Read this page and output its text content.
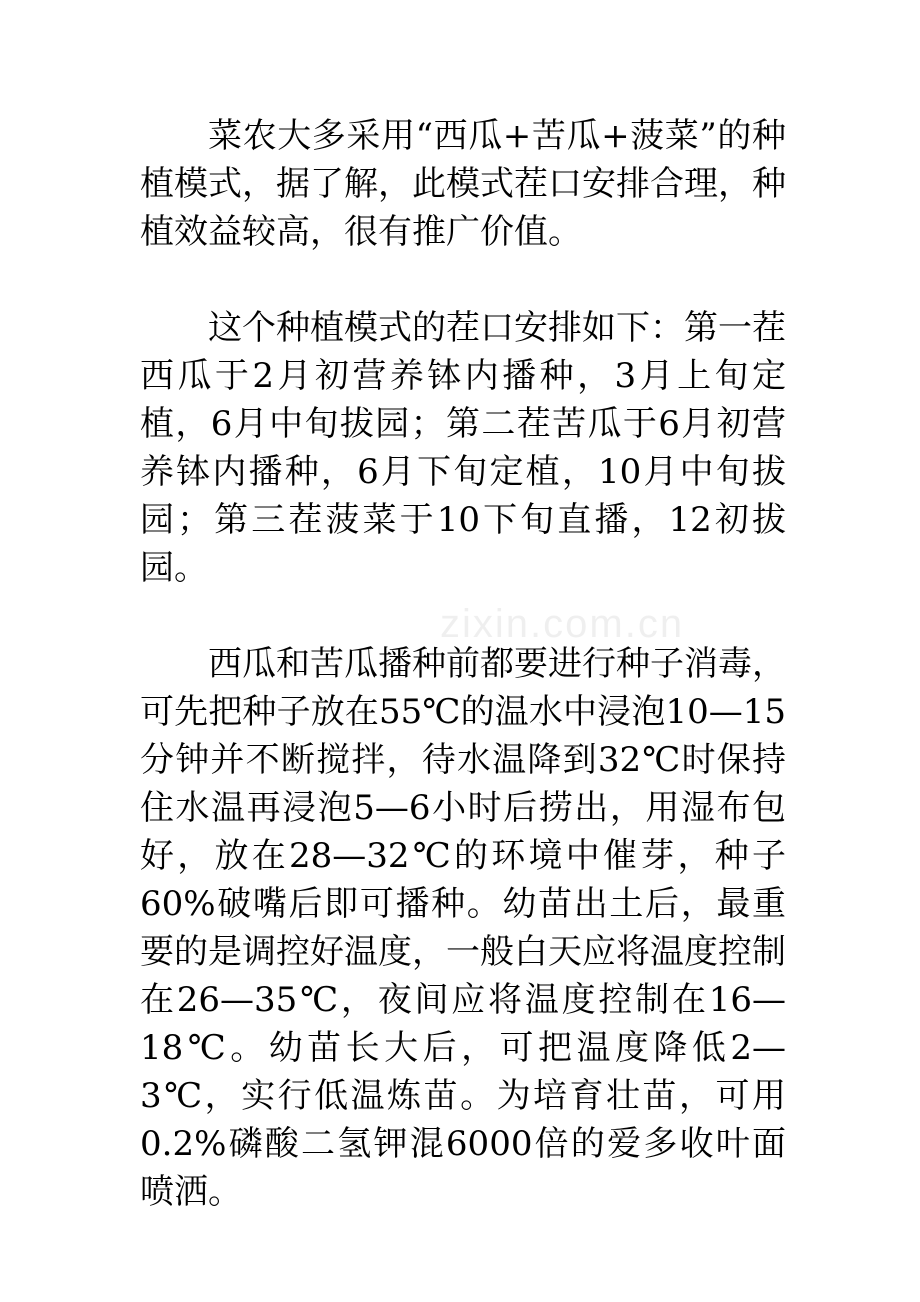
菜农大多采用“西瓜+苦瓜+菠菜”的种植模式，据了解，此模式茬口安排合理，种植效益较高，很有推广价值。

这个种植模式的茬口安排如下：第一茬西瓜于2月初营养钵内播种，3月上旬定植，6月中旬拔园；第二茬苦瓜于6月初营养钵内播种，6月下旬定植，10月中旬拔园；第三茬菠菜于10下旬直播，12初拔园。

西瓜和苦瓜播种前都要进行种子消毒，可先把种子放在55℃的温水中浸泡10—15分钟并不断搅拌，待水温降到32℃时保持住水温再浸泡5—6小时后捞出，用湿布包好，放在28—32℃的环境中催芽，种子60%破嘴后即可播种。幼苗出土后，最重要的是调控好温度，一般白天应将温度控制在26—35℃，夜间应将温度控制在16—18℃。幼苗长大后，可把温度降低2—3℃，实行低温炼苗。为培育壮苗，可用0.2%磷酸二氢钾混6000倍的爱多收叶面喷洒。

zixin.com.cn
